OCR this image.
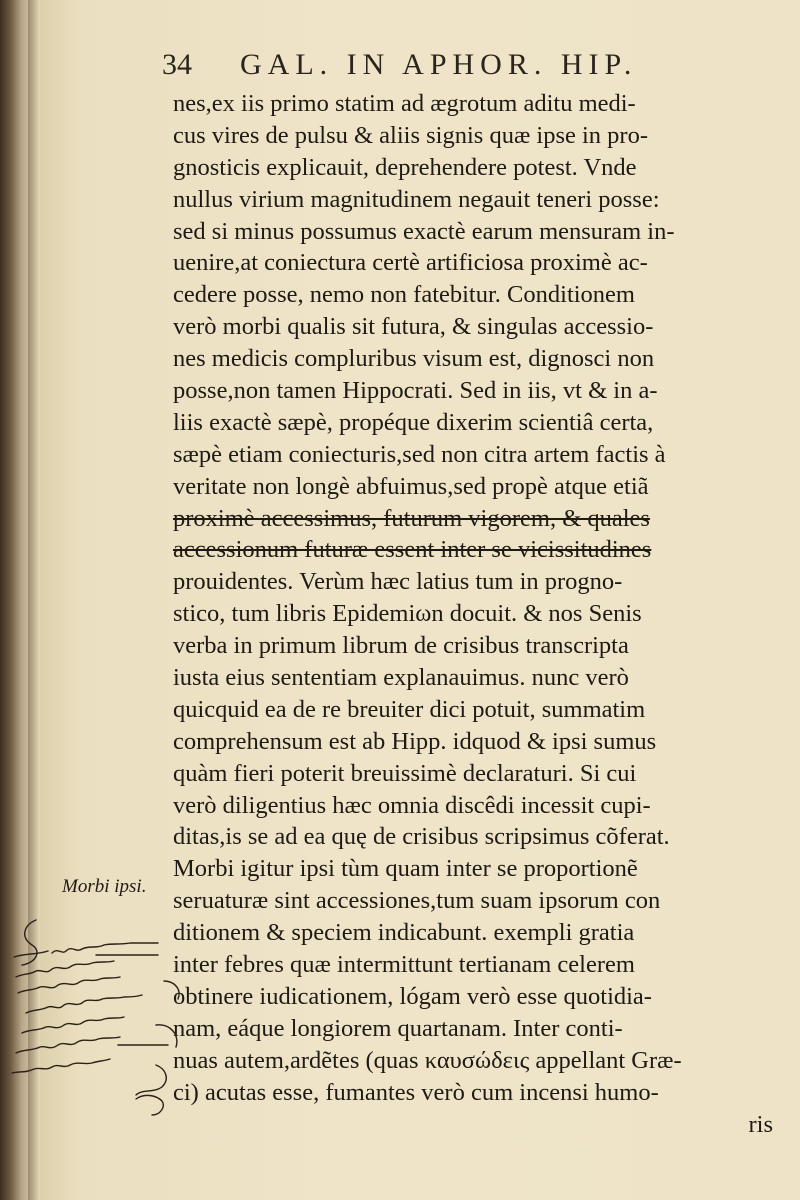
34 GAL. IN APHOR. HIP.
nes,ex iis primo statim ad ægrotum aditu medi-
cus vires de pulsu & aliis signis quæ ipse in pro-
gnosticis explicauit, deprehendere potest. Vnde
nullus virium magnitudinem negauit teneri posse:
sed si minus possumus exactè earum mensuram in-
uenire,at coniectura certè artificiosa proximè ac-
cedere posse, nemo non fatebitur. Conditionem
verò morbi qualis sit futura, & singulas accessio-
nes medicis compluribus visum est, dignosci non
posse,non tamen Hippocrati. Sed in iis, vt & in a-
liis exactè sæpè, propéque dixerim scientiâ certa,
sæpè etiam coniecturis,sed non citra artem factis à
veritate non longè abfuimus,sed propè atque etiã
proximè accessimus, futurum vigorem, & quales
accessionum futuræ essent inter se vicissitudines
prouidentes. Verùm hæc latius tum in progno-
stico, tum libris Epidemiωn docuit. & nos Senis
verba in primum librum de crisibus transcripta
iusta eius sententiam explanauimus. nunc verò
quicquid ea de re breuiter dici potuit, summatim
comprehensum est ab Hipp. idquod & ipsi sumus
quàm fieri poterit breuissimè declaraturi. Si cui
verò diligentius hæc omnia discêdi incessit cupi-
ditas,is se ad ea quę de crisibus scripsimus cõferat.
Morbi igitur ipsi tùm quam inter se proportionẽ
seruaturæ sint accessiones,tum suam ipsorum con
ditionem & speciem indicabunt. exempli gratia
inter febres quæ intermittunt tertianam celerem
obtinere iudicationem, lógam verò esse quotidia-
nam, eáque longiorem quartanam. Inter conti-
nuas autem,ardẽtes (quas καυσώδεις appellant Græ-
ci) acutas esse, fumantes verò cum incensi humo-
ris
Morbi ipsi.
